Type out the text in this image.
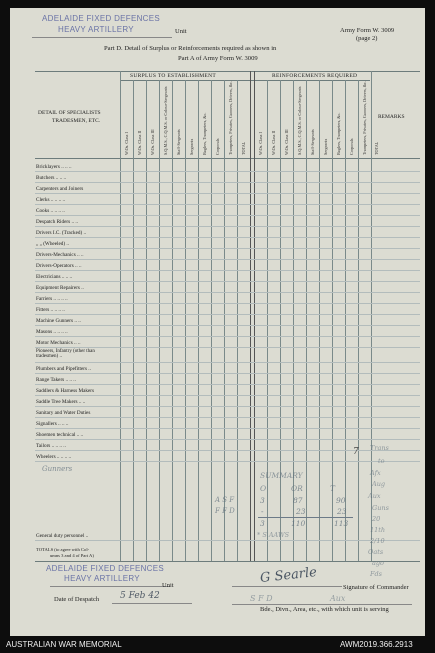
ADELAIDE FIXED DEFENCES
HEAVY ARTILLERY	Unit	Army Form W. 3009
(page 2)
Part D. Detail of Surplus or Reinforcements required as shown in
Part A of Army Form W. 3009
SURPLUS TO ESTABLISHMENT	REINFORCEMENTS REQUIRED
DETAIL OF SPECIALISTS
TRADESMEN, ETC.
REMARKS
W.Os. Class I W.Os. Class II W.Os. Class III S.Q.M.S., C.Q.M.S. or Colour-Sergeants Staff-Sergeants Sergeants Buglers, Trumpeters, &c. Corporals Trumpeters, Privates, Gunners, Drivers, &c. TOTAL	W.Os. Class I W.Os. Class II W.Os. Class III S.Q.M.S., C.Q.M.S. or Colour-Sergeants Staff-Sergeants Sergeants Buglers, Trumpeters, &c. Corporals Trumpeters, Privates, Gunners, Drivers, &c. TOTAL
Bricklayers .. .. ..
Butchers .. .. ..
Carpenters and Joiners
Clerks .. .. .. ..
Cooks .. .. .. ..
Despatch Riders .. ..
Drivers I.C. (Tracked) ..
„ „ (Wheeled) ..
Drivers-Mechanics .. ..
Drivers-Operators .. ..
Electricians .. .. ..
Equipment Repairers ..
Farriers .. .. .. ..
Fitters .. .. .. ..
Machine Gunners .. ..
Masons .. .. .. ..
Motor Mechanics .. ..
Pioneers, Infantry (other than tradesmen) ..
Plumbers and Pipefitters ..
Range Takers .. .. ..
Saddlers & Harness Makers
Saddle Tree Makers .. ..
Sanitary and Water Duties
Signallers .. .. ..
Shoemen technical .. ..
Tailors .. .. .. ..
Wheelers .. .. .. ..
General duty personnel ..
TOTALS (to agree with Col-
umns 3 and 4 of Part A)
Gunners
SUMMARY
O	OR	T
A S F	3	87	90
F F D	-	23	23
3	110	113
* S AAWS
7 Trans
to
Afx
Aug
Aux
Guns
20
11th
2/10
Oats
ago
Fds
ADELAIDE FIXED DEFENCES
HEAVY ARTILLERY
Unit
Date of Despatch 5 Feb 42
G Searle
Signature of Commander
S F D	Aux
Bde., Divn., Area, etc., with which unit is serving
AUSTRALIAN WAR MEMORIAL	AWM2019.366.2913
